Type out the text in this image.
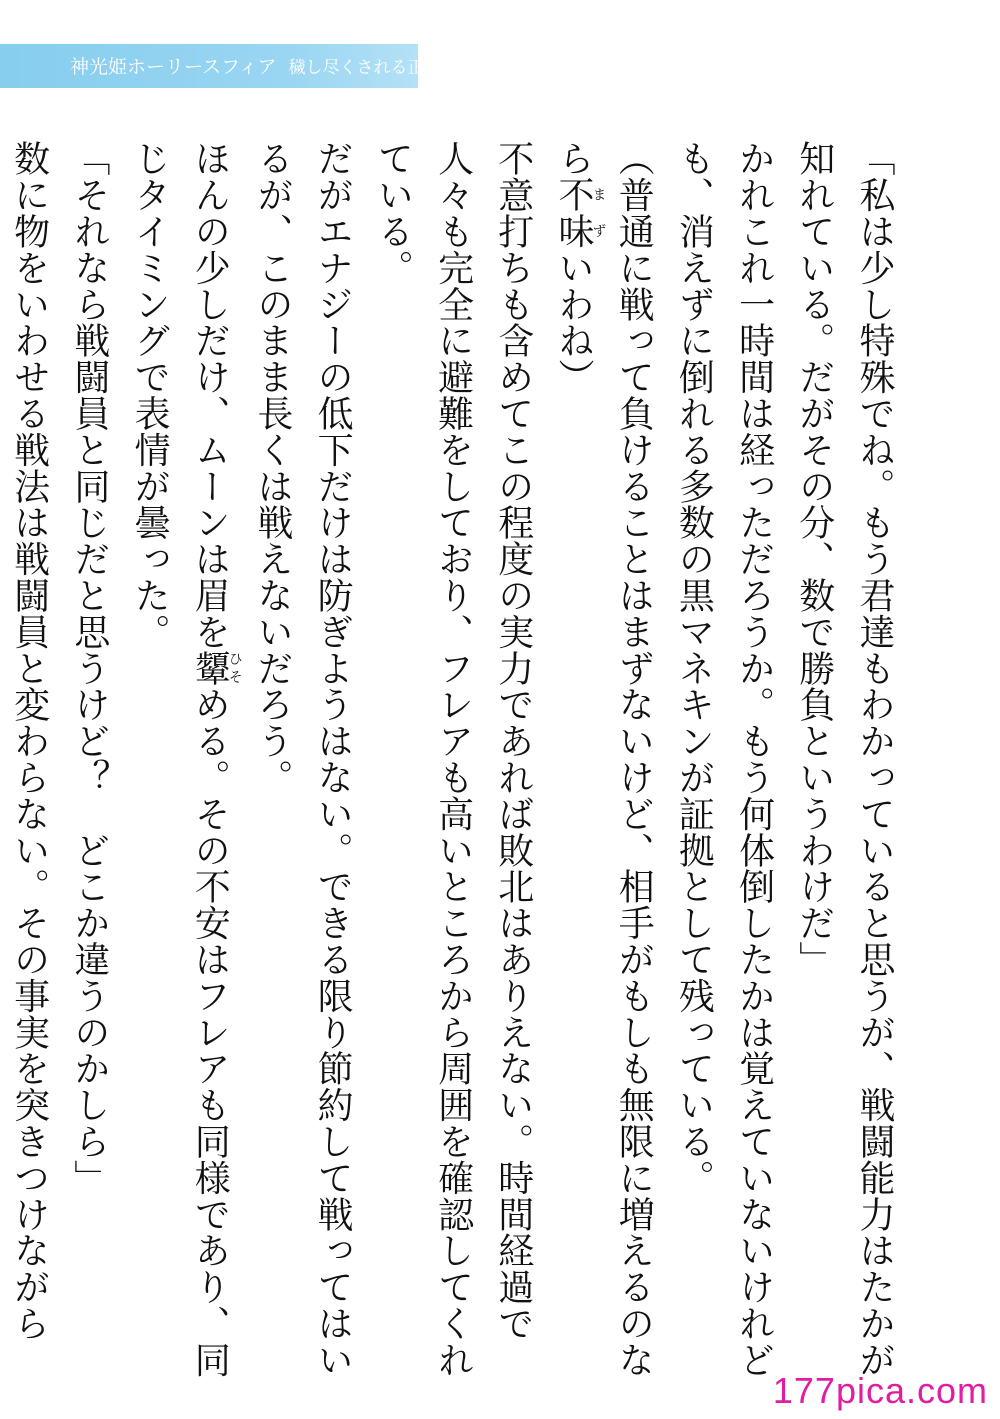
神光姫ホーリースフィア 穢し尽くされる正義

「私は少し特殊でね。もう君達もわかっていると思うが、戦闘能力はたかが知れている。だがその分、数で勝負というわけだ」

かれこれ一時間は経っただろうか。もう何体倒したかは覚えていないけれども、消えずに倒れる多数の黒マネキンが証拠として残っている。

（普通に戦って負けることはまずないけど、相手がもしも無限に増えるのなら不味まずいわね）

不意打ちも含めてこの程度の実力であれば敗北はありえない。時間経過で人々も完全に避難をしており、フレアも高いところから周囲を確認してくれている。

だがエナジーの低下だけは防ぎようはない。できる限り節約して戦ってはいるが、このまま長くは戦えないだろう。

ほんの少しだけ、ムーンは眉を顰ひそめる。その不安はフレアも同様であり、同じタイミングで表情が曇った。

「それなら戦闘員と同じだと思うけど？　どこか違うのかしら」

数に物をいわせる戦法は戦闘員と変わらない。その事実を突きつけながら

177pica.com
